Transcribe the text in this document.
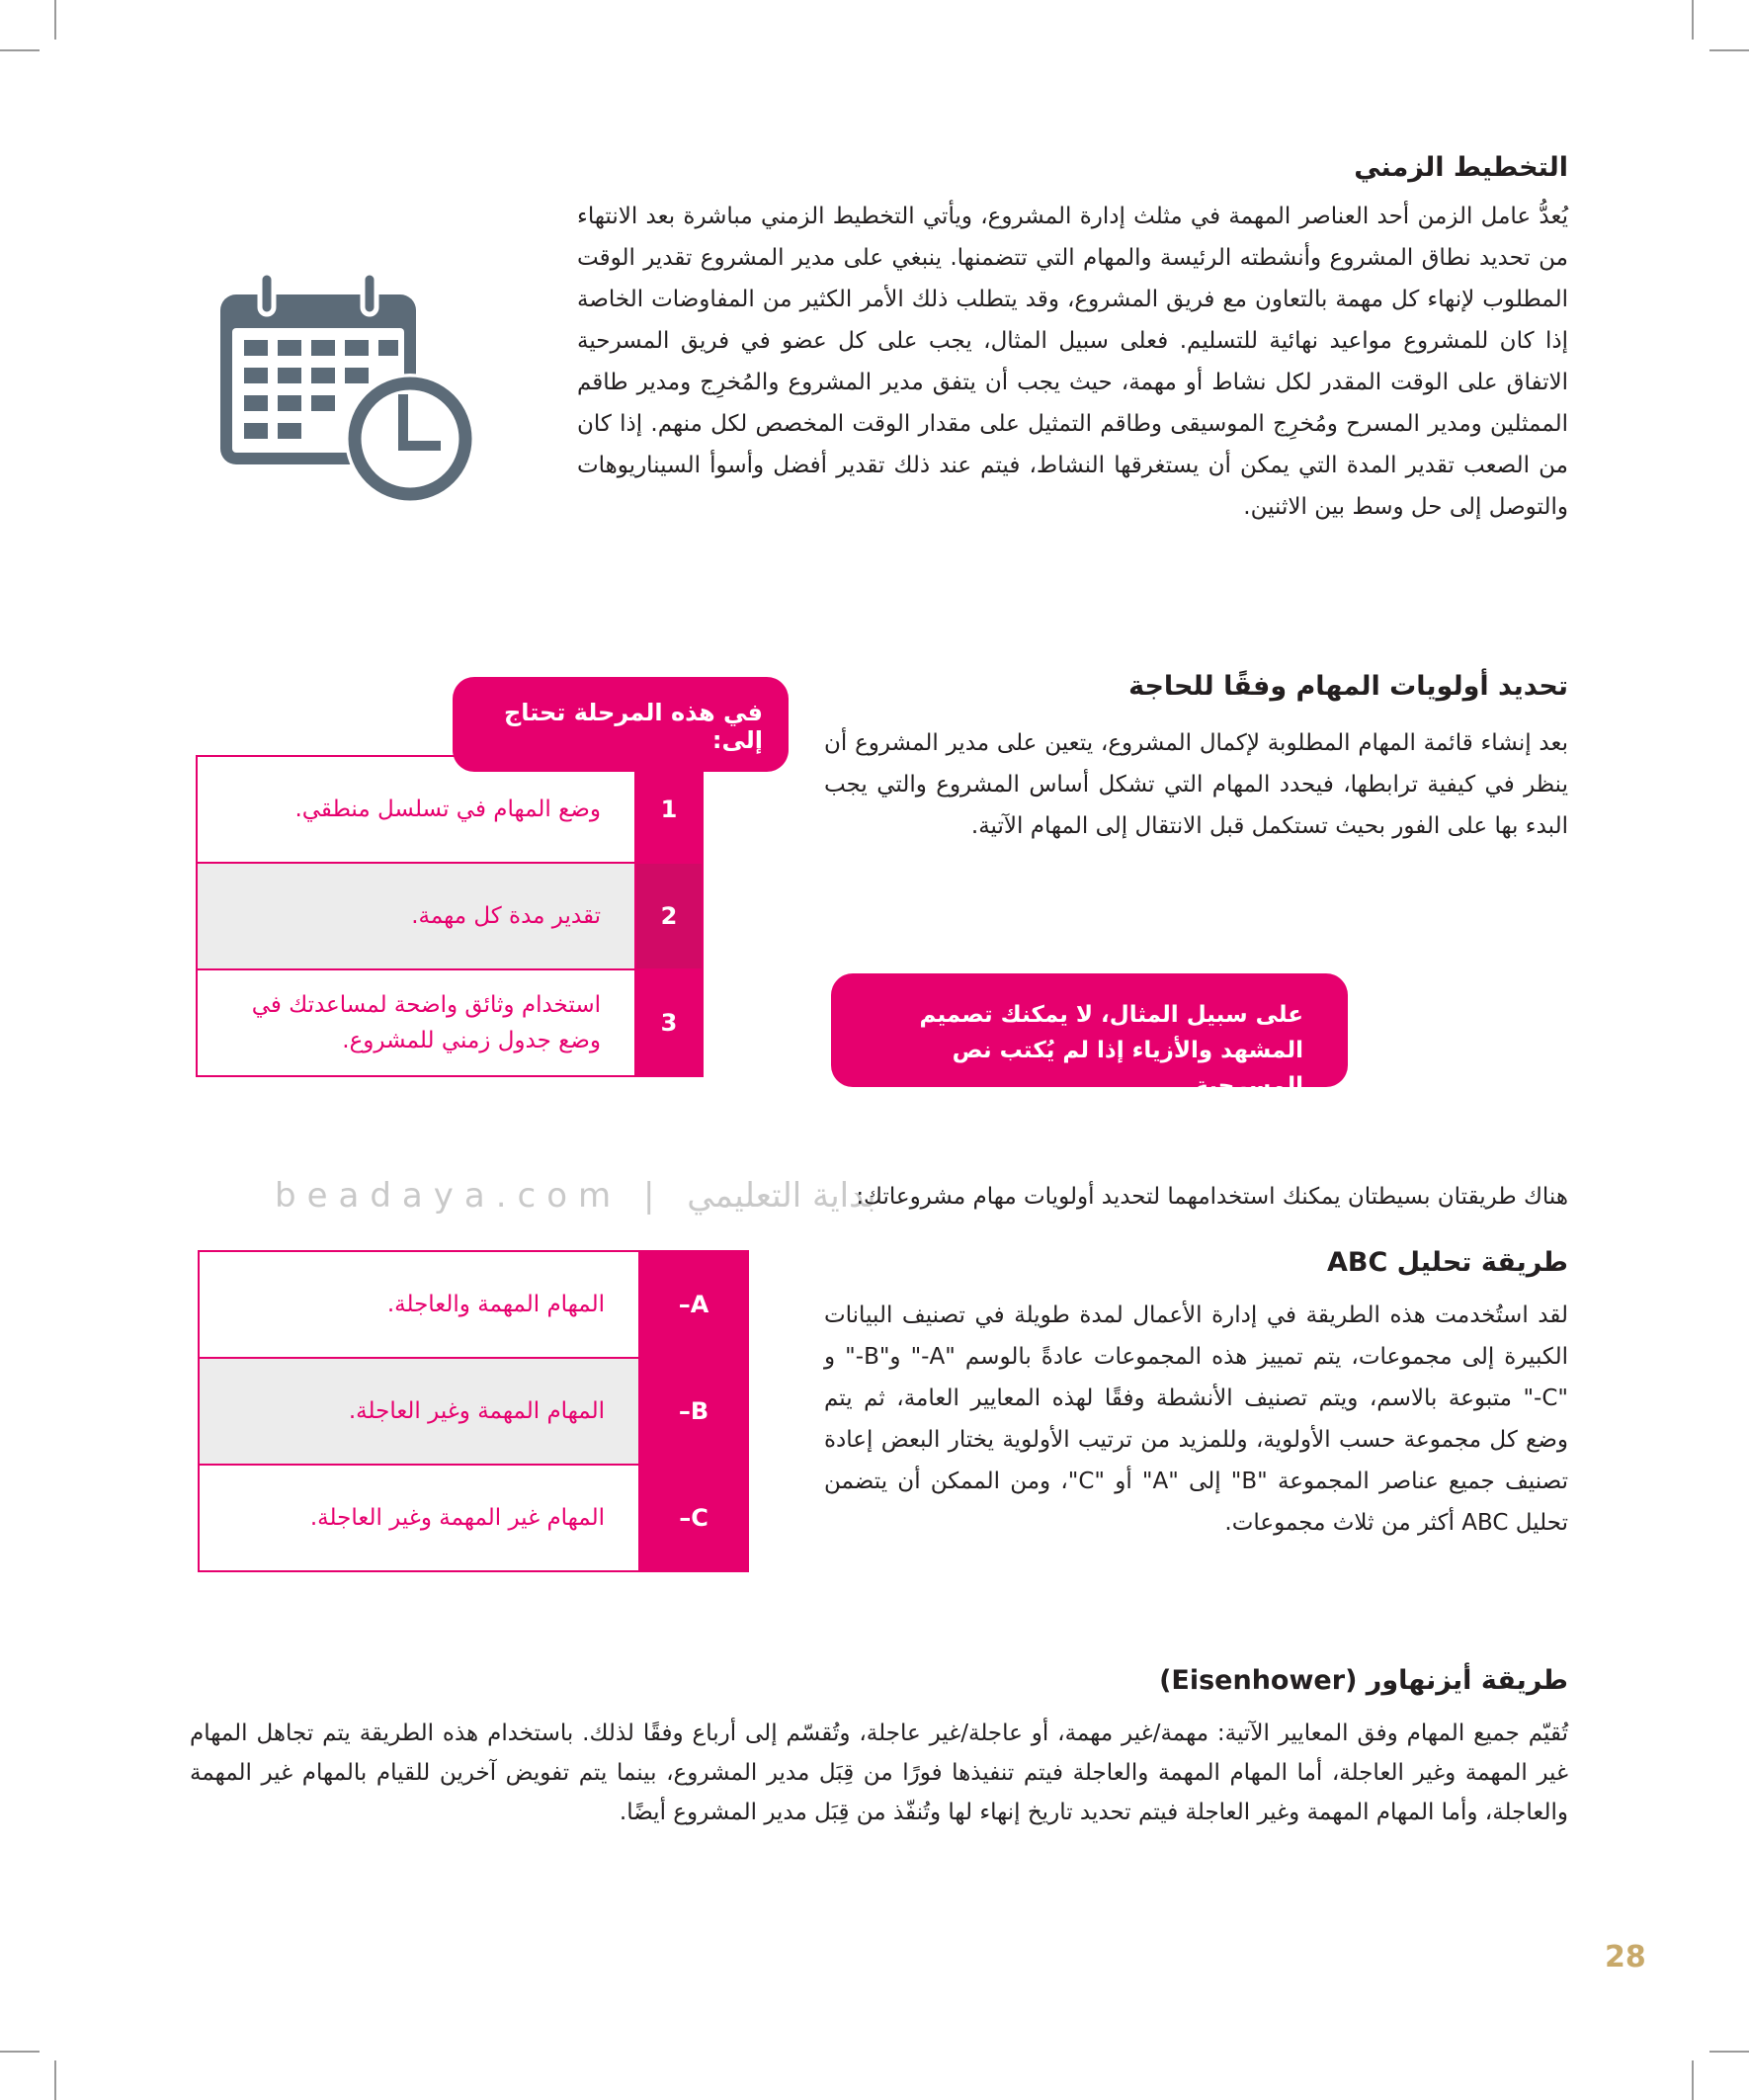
التخطيط الزمني
يُعدُّ عامل الزمن أحد العناصر المهمة في مثلث إدارة المشروع، ويأتي التخطيط الزمني مباشرة بعد الانتهاء من تحديد نطاق المشروع وأنشطته الرئيسة والمهام التي تتضمنها. ينبغي على مدير المشروع تقدير الوقت المطلوب لإنهاء كل مهمة بالتعاون مع فريق المشروع، وقد يتطلب ذلك الأمر الكثير من المفاوضات الخاصة إذا كان للمشروع مواعيد نهائية للتسليم. فعلى سبيل المثال، يجب على كل عضو في فريق المسرحية الاتفاق على الوقت المقدر لكل نشاط أو مهمة، حيث يجب أن يتفق مدير المشروع والمُخرِج ومدير طاقم الممثلين ومدير المسرح ومُخرِج الموسيقى وطاقم التمثيل على مقدار الوقت المخصص لكل منهم. إذا كان من الصعب تقدير المدة التي يمكن أن يستغرقها النشاط، فيتم عند ذلك تقدير أفضل وأسوأ السيناريوهات والتوصل إلى حل وسط بين الاثنين.
تحديد أولويات المهام وفقًا للحاجة
بعد إنشاء قائمة المهام المطلوبة لإكمال المشروع، يتعين على مدير المشروع أن ينظر في كيفية ترابطها، فيحدد المهام التي تشكل أساس المشروع والتي يجب البدء بها على الفور بحيث تستكمل قبل الانتقال إلى المهام الآتية.
في هذه المرحلة تحتاج إلى:
1	وضع المهام في تسلسل منطقي.
2	تقدير مدة كل مهمة.
3	استخدام وثائق واضحة لمساعدتك في وضع جدول زمني للمشروع.
على سبيل المثال، لا يمكنك تصميم المشهد والأزياء إذا لم يُكتب نص المسرحية.
beadaya.com | بداية التعليمي
هناك طريقتان بسيطتان يمكنك استخدامهما لتحديد أولويات مهام مشروعاتك:
طريقة تحليل ABC
لقد استُخدمت هذه الطريقة في إدارة الأعمال لمدة طويلة في تصنيف البيانات الكبيرة إلى مجموعات، يتم تمييز هذه المجموعات عادةً بالوسم "A-" و"B-" و "C-" متبوعة بالاسم، ويتم تصنيف الأنشطة وفقًا لهذه المعايير العامة، ثم يتم وضع كل مجموعة حسب الأولوية، وللمزيد من ترتيب الأولوية يختار البعض إعادة تصنيف جميع عناصر المجموعة "B" إلى "A" أو "C"، ومن الممكن أن يتضمن تحليل ABC أكثر من ثلاث مجموعات.
A–	المهام المهمة والعاجلة.
B–	المهام المهمة وغير العاجلة.
C–	المهام غير المهمة وغير العاجلة.
طريقة أيزنهاور (Eisenhower)
تُقيّم جميع المهام وفق المعايير الآتية: مهمة/غير مهمة، أو عاجلة/غير عاجلة، وتُقسّم إلى أرباع وفقًا لذلك. باستخدام هذه الطريقة يتم تجاهل المهام غير المهمة وغير العاجلة، أما المهام المهمة والعاجلة فيتم تنفيذها فورًا من قِبَل مدير المشروع، بينما يتم تفويض آخرين للقيام بالمهام غير المهمة والعاجلة، وأما المهام المهمة وغير العاجلة فيتم تحديد تاريخ إنهاء لها وتُنفّذ من قِبَل مدير المشروع أيضًا.
28
